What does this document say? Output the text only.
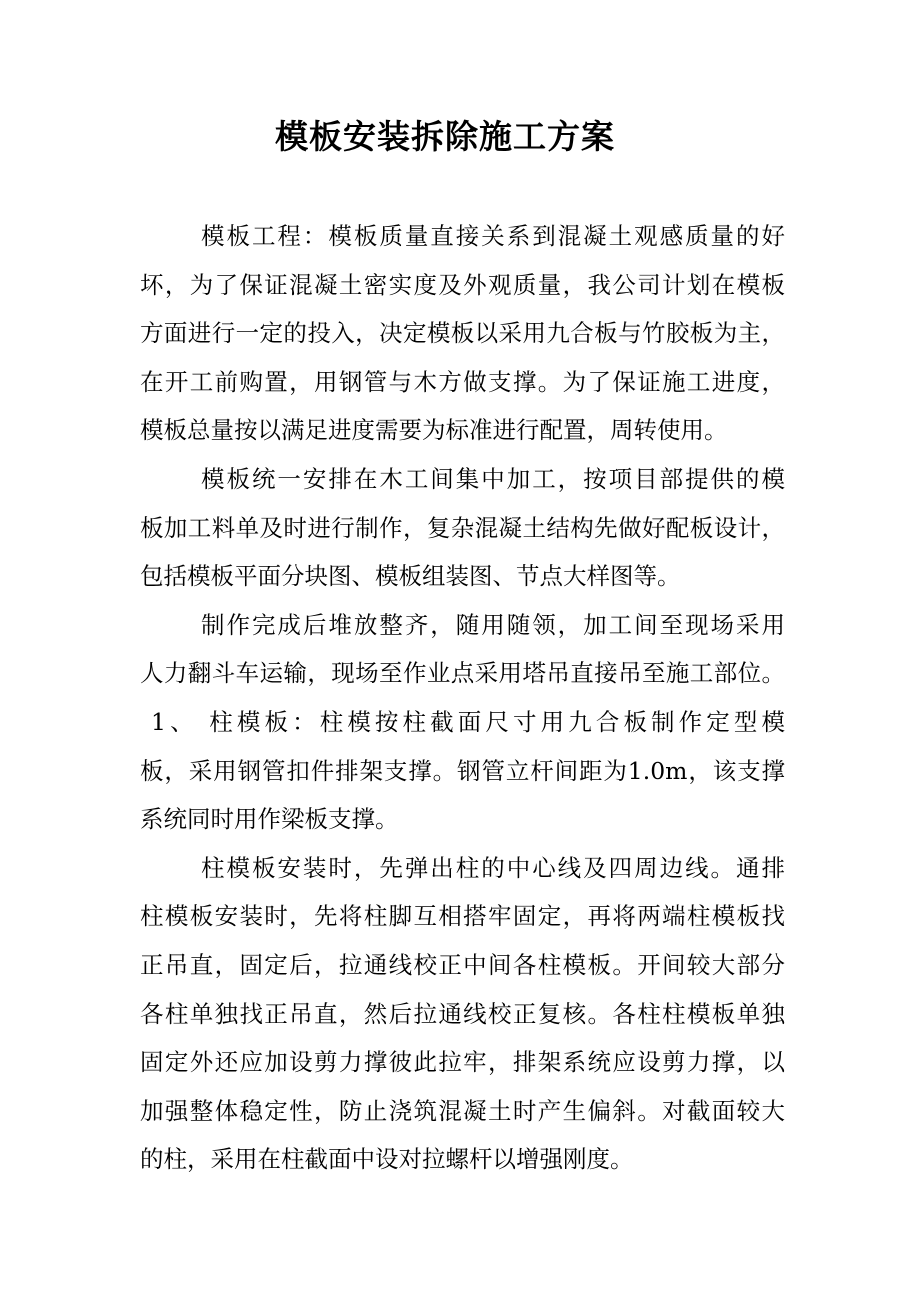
模板安装拆除施工方案
模板工程：模板质量直接关系到混凝土观感质量的好
坏，为了保证混凝土密实度及外观质量，我公司计划在模板
方面进行一定的投入，决定模板以采用九合板与竹胶板为主，
在开工前购置，用钢管与木方做支撑。为了保证施工进度，
模板总量按以满足进度需要为标准进行配置，周转使用。
模板统一安排在木工间集中加工，按项目部提供的模
板加工料单及时进行制作，复杂混凝土结构先做好配板设计，
包括模板平面分块图、模板组装图、节点大样图等。
制作完成后堆放整齐，随用随领，加工间至现场采用
人力翻斗车运输，现场至作业点采用塔吊直接吊至施工部位。
1、 柱模板：柱模按柱截面尺寸用九合板制作定型模
板，采用钢管扣件排架支撑。钢管立杆间距为1.0m，该支撑
系统同时用作梁板支撑。
柱模板安装时，先弹出柱的中心线及四周边线。通排
柱模板安装时，先将柱脚互相搭牢固定，再将两端柱模板找
正吊直，固定后，拉通线校正中间各柱模板。开间较大部分
各柱单独找正吊直，然后拉通线校正复核。各柱柱模板单独
固定外还应加设剪力撑彼此拉牢，排架系统应设剪力撑，以
加强整体稳定性，防止浇筑混凝土时产生偏斜。对截面较大
的柱，采用在柱截面中设对拉螺杆以增强刚度。
